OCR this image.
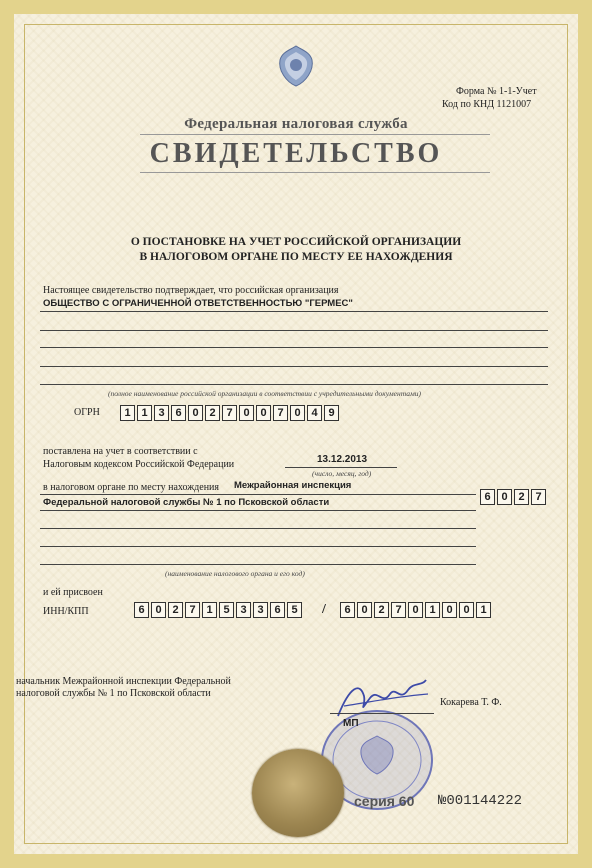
Форма № 1-1-Учет
Код по КНД 1121007
Федеральная налоговая служба
СВИДЕТЕЛЬСТВО
О ПОСТАНОВКЕ НА УЧЕТ РОССИЙСКОЙ ОРГАНИЗАЦИИ
В НАЛОГОВОМ ОРГАНЕ ПО МЕСТУ ЕЕ НАХОЖДЕНИЯ
Настоящее свидетельство подтверждает, что российская организация
ОБЩЕСТВО С ОГРАНИЧЕННОЙ ОТВЕТСТВЕННОСТЬЮ "ГЕРМЕС"
(полное наименование российской организации в соответствии с учредительными документами)
ОГРН	1 1 3 6 0 2 7 0 0 7 0 4 9
поставлена на учет в соответствии с
Налоговым кодексом Российской Федерации	13.12.2013
(число, месяц, год)
в налоговом органе по месту нахождения Межрайонная инспекция
Федеральной налоговой службы № 1 по Псковской области	6 0 2 7
(наименование налогового органа и его код)
и ей присвоен
ИНН/КПП	6 0 2 7 1 5 3 3 6 5	/	6 0 2 7 0 1 0 0 1
начальник Межрайонной инспекции Федеральной
налоговой службы № 1 по Псковской области
Кокарева Т. Ф.
МП
серия 60 №001144222
